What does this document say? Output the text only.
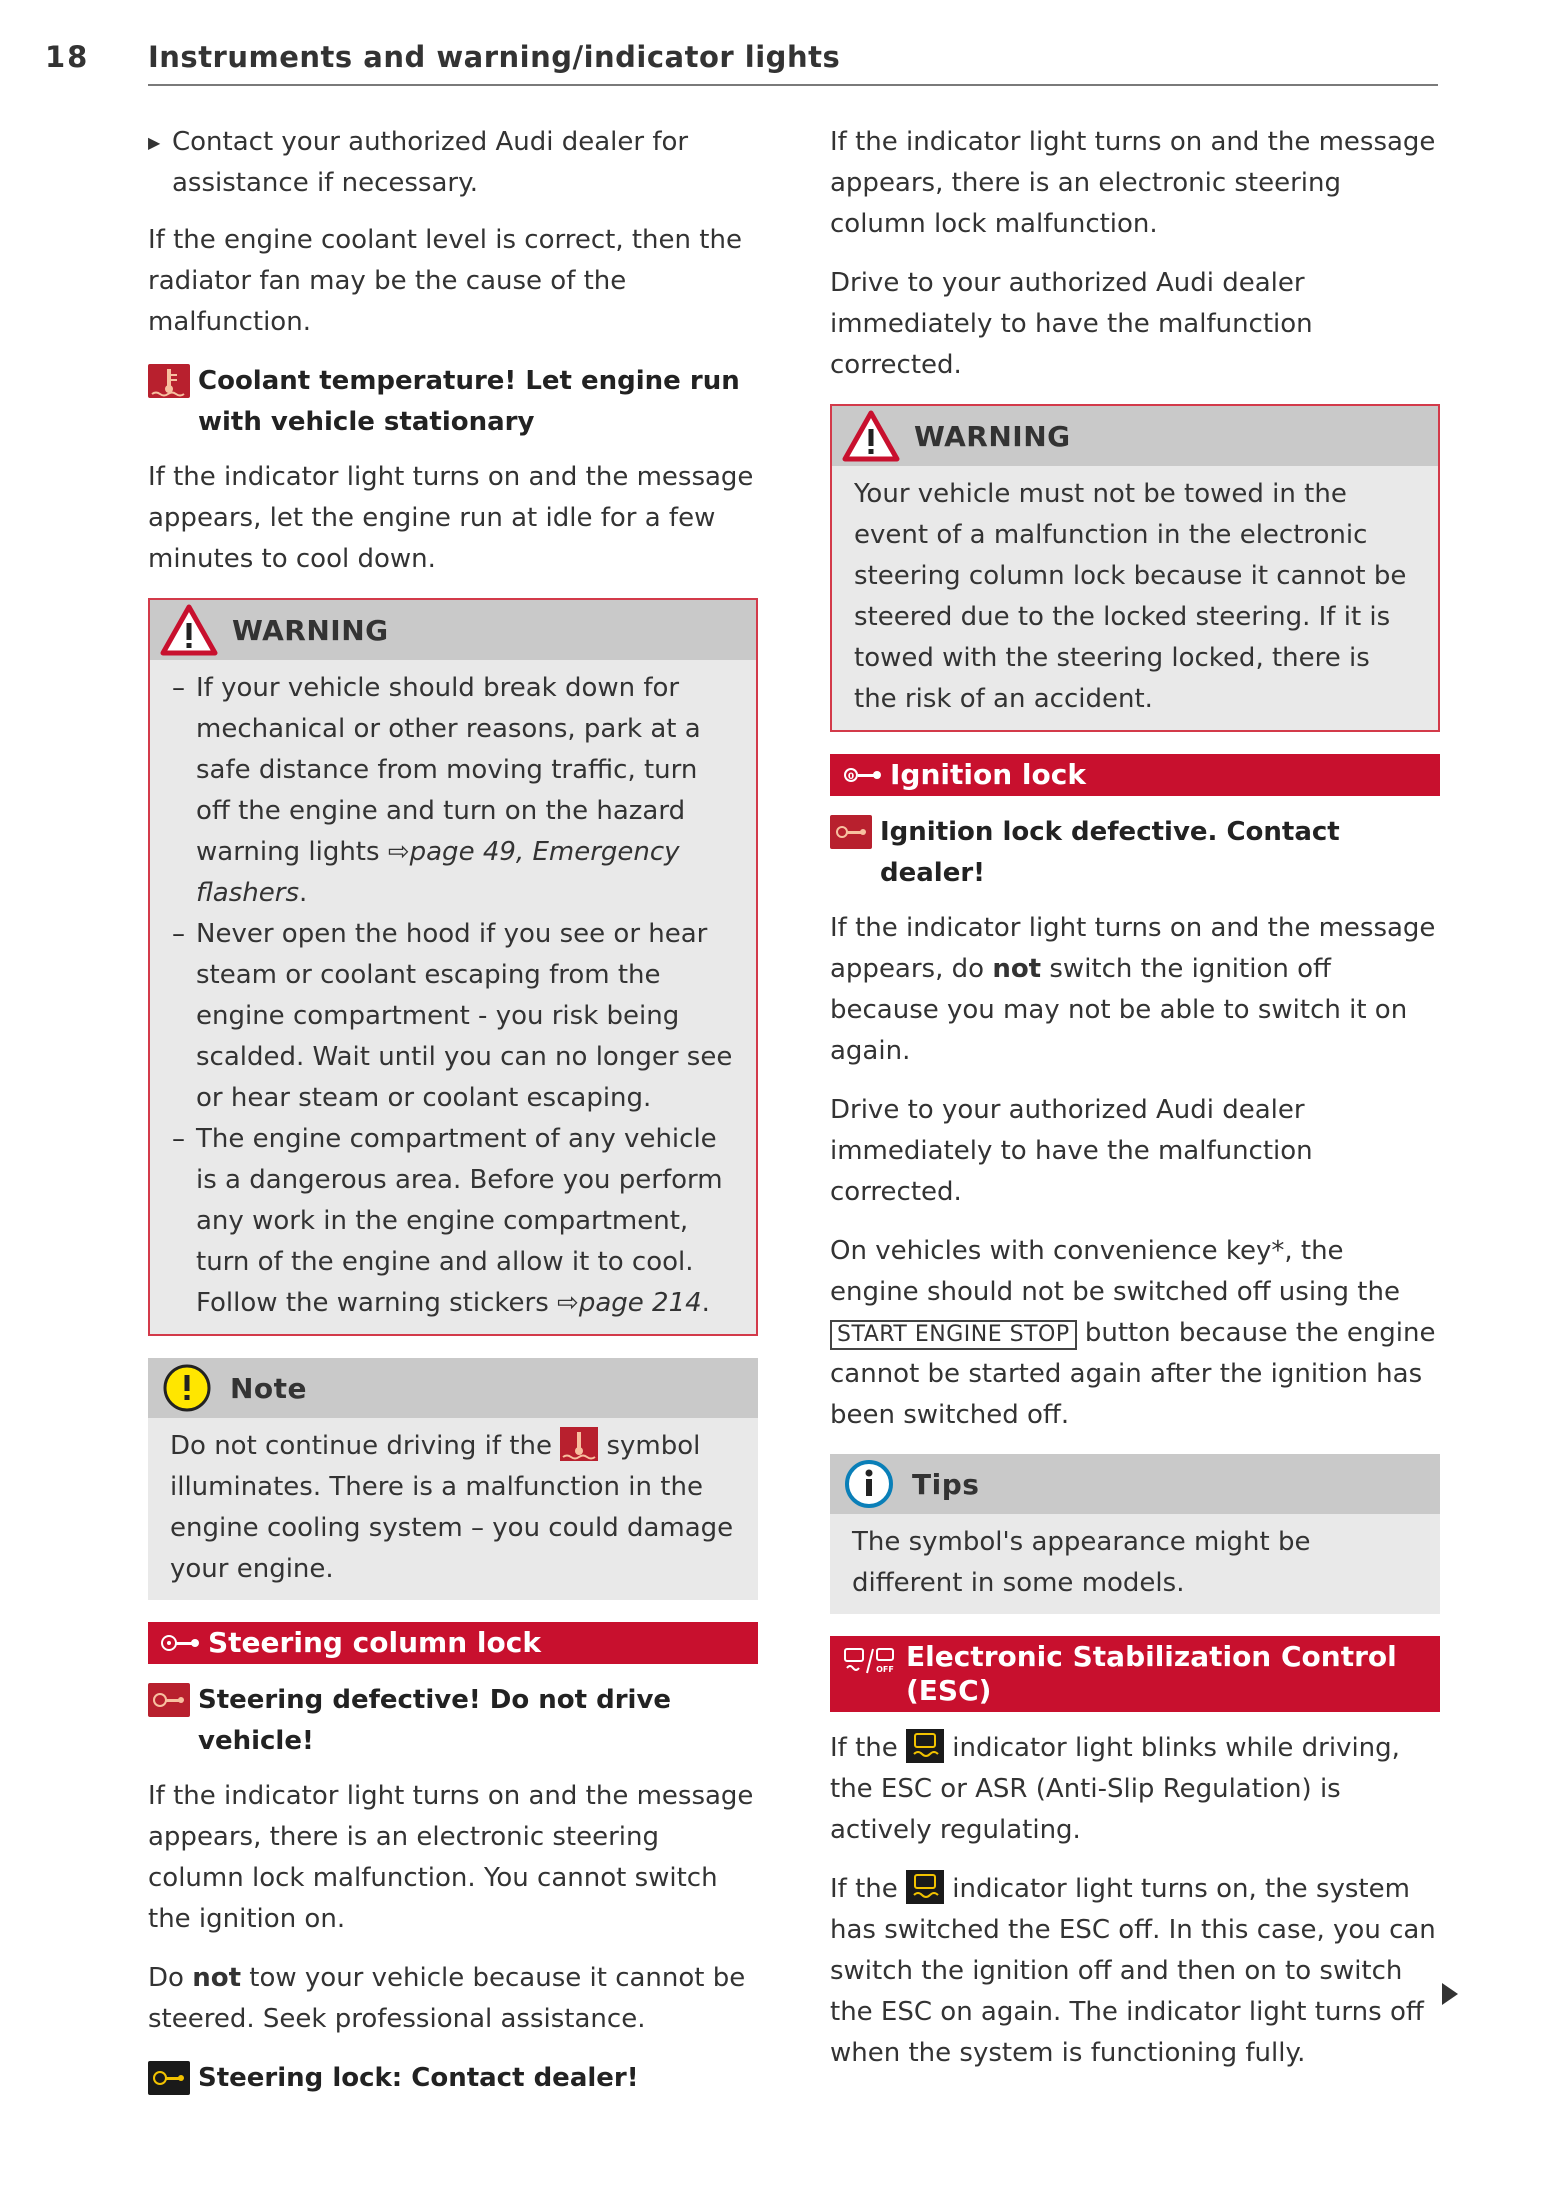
18 Instruments and warning/indicator lights
▶ Contact your authorized Audi dealer for assistance if necessary.

If the engine coolant level is correct, then the radiator fan may be the cause of the malfunction.

Coolant temperature! Let engine run with vehicle stationary

If the indicator light turns on and the message appears, let the engine run at idle for a few minutes to cool down.

WARNING
– If your vehicle should break down for mechanical or other reasons, park at a safe distance from moving traffic, turn off the engine and turn on the hazard warning lights ⇨page 49, Emergency flashers.

– Never open the hood if you see or hear steam or coolant escaping from the engine compartment - you risk being scalded. Wait until you can no longer see or hear steam or coolant escaping.

– The engine compartment of any vehicle is a dangerous area. Before you perform any work in the engine compartment, turn of the engine and allow it to cool. Follow the warning stickers ⇨page 214.

Note

Do not continue driving if the symbol illuminates. There is a malfunction in the engine cooling system – you could damage your engine.

Steering column lock
Steering defective! Do not drive vehicle!

If the indicator light turns on and the message appears, there is an electronic steering column lock malfunction. You cannot switch the ignition on.

Do not tow your vehicle because it cannot be steered. Seek professional assistance.

Steering lock: Contact dealer!

If the indicator light turns on and the message appears, there is an electronic steering column lock malfunction.

Drive to your authorized Audi dealer immediately to have the malfunction corrected.

WARNING

Your vehicle must not be towed in the event of a malfunction in the electronic steering column lock because it cannot be steered due to the locked steering. If it is towed with the steering locked, there is the risk of an accident.

0 Ignition lock
Ignition lock defective. Contact dealer!

If the indicator light turns on and the message appears, do not switch the ignition off because you may not be able to switch it on again.

Drive to your authorized Audi dealer immediately to have the malfunction corrected.

On vehicles with convenience key*, the engine should not be switched off using the START ENGINE STOP button because the engine cannot be started again after the ignition has been switched off.

Tips

The symbol's appearance might be different in some models.

OFF Electronic Stabilization Control (ESC)

If the indicator light blinks while driving, the ESC or ASR (Anti-Slip Regulation) is actively regulating.

If the indicator light turns on, the system has switched the ESC off. In this case, you can switch the ignition off and then on to switch the ESC on again. The indicator light turns off when the system is functioning fully.
